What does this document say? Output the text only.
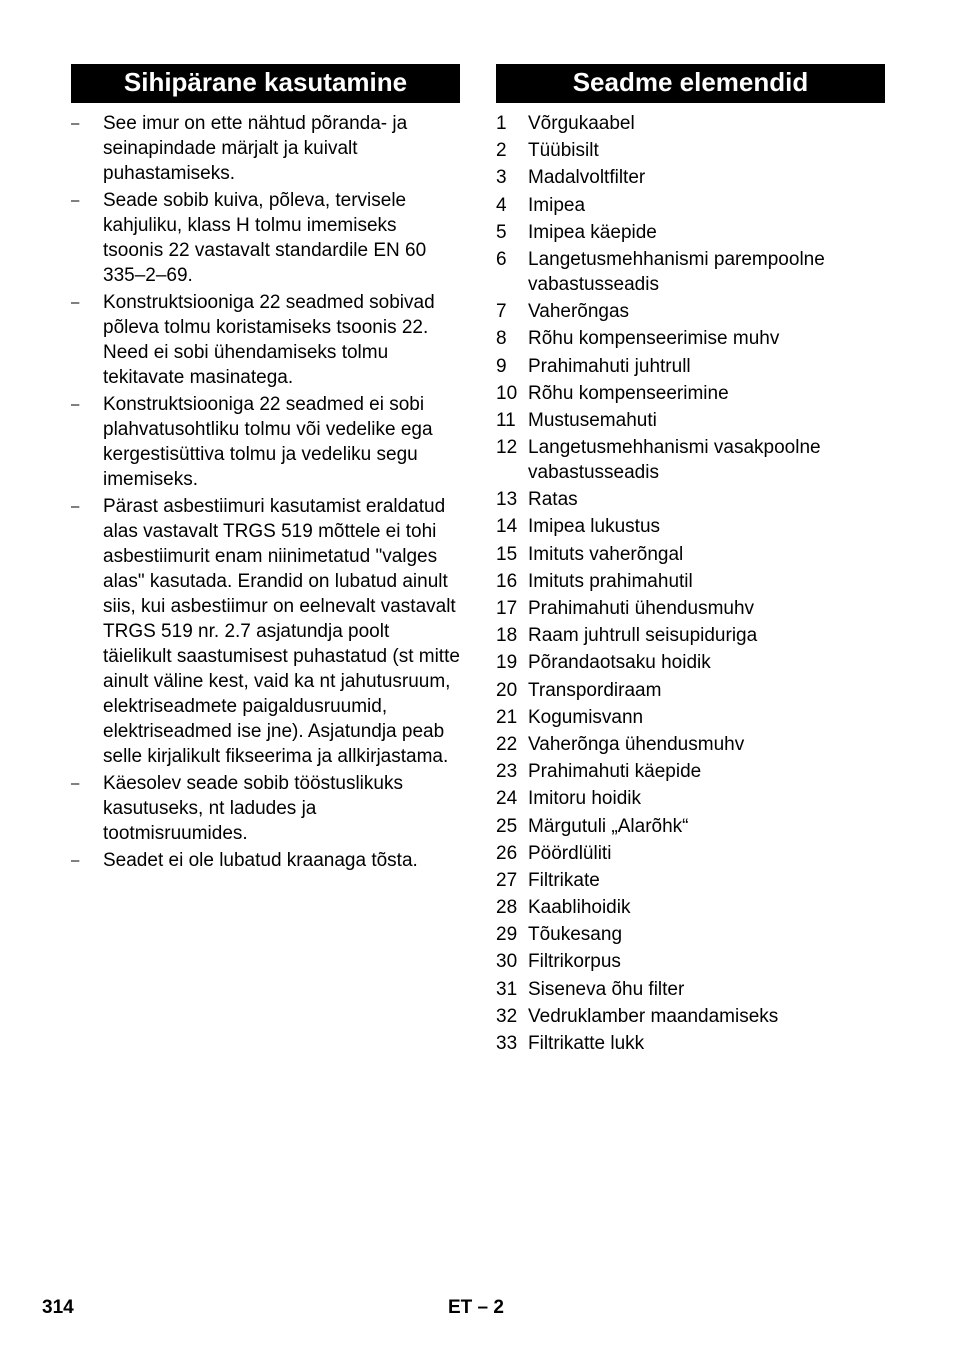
Sihipärane kasutamine
–	See imur on ette nähtud põranda- ja seinapindade märjalt ja kuivalt puhastamiseks.
–	Seade sobib kuiva, põleva, tervisele kahjuliku, klass H tolmu imemiseks tsoonis 22 vastavalt standardile EN 60 335–2–69.
–	Konstruktsiooniga 22 seadmed sobivad põleva tolmu koristamiseks tsoonis 22. Need ei sobi ühendamiseks tolmu tekitavate masinatega.
–	Konstruktsiooniga 22 seadmed ei sobi plahvatusohtliku tolmu või vedelike ega kergestisüttiva tolmu ja vedeliku segu imemiseks.
–	Pärast asbestiimuri kasutamist eraldatud alas vastavalt TRGS 519 mõttele ei tohi asbestiimurit enam niinimetatud "valges alas" kasutada. Erandid on lubatud ainult siis, kui asbestiimur on eelnevalt vastavalt TRGS 519 nr. 2.7 asjatundja poolt täielikult saastumisest puhastatud (st mitte ainult väline kest, vaid ka nt jahutusruum, elektriseadmete paigaldusruumid, elektriseadmed ise jne). Asjatundja peab selle kirjalikult fikseerima ja allkirjastama.
–	Käesolev seade sobib tööstuslikuks kasutuseks, nt ladudes ja tootmisruumides.
–	Seadet ei ole lubatud kraanaga tõsta.
Seadme elemendid
1	Võrgukaabel
2	Tüübisilt
3	Madalvoltfilter
4	Imipea
5	Imipea käepide
6	Langetusmehhanismi parempoolne vabastusseadis
7	Vaherõngas
8	Rõhu kompenseerimise muhv
9	Prahimahuti juhtrull
10 Rõhu kompenseerimine
11 Mustusemahuti
12 Langetusmehhanismi vasakpoolne vabastusseadis
13 Ratas
14 Imipea lukustus
15 Imituts vaherõngal
16 Imituts prahimahutil
17 Prahimahuti ühendusmuhv
18 Raam juhtrull seisupiduriga
19 Põrandaotsaku hoidik
20 Transpordiraam
21 Kogumisvann
22 Vaherõnga ühendusmuhv
23 Prahimahuti käepide
24 Imitoru hoidik
25 Märgutuli „Alarõhk“
26 Pöördlüliti
27 Filtrikate
28 Kaablihoidik
29 Tõukesang
30 Filtrikorpus
31 Siseneva õhu filter
32 Vedruklamber maandamiseks
33 Filtrikatte lukk
314	ET – 2
